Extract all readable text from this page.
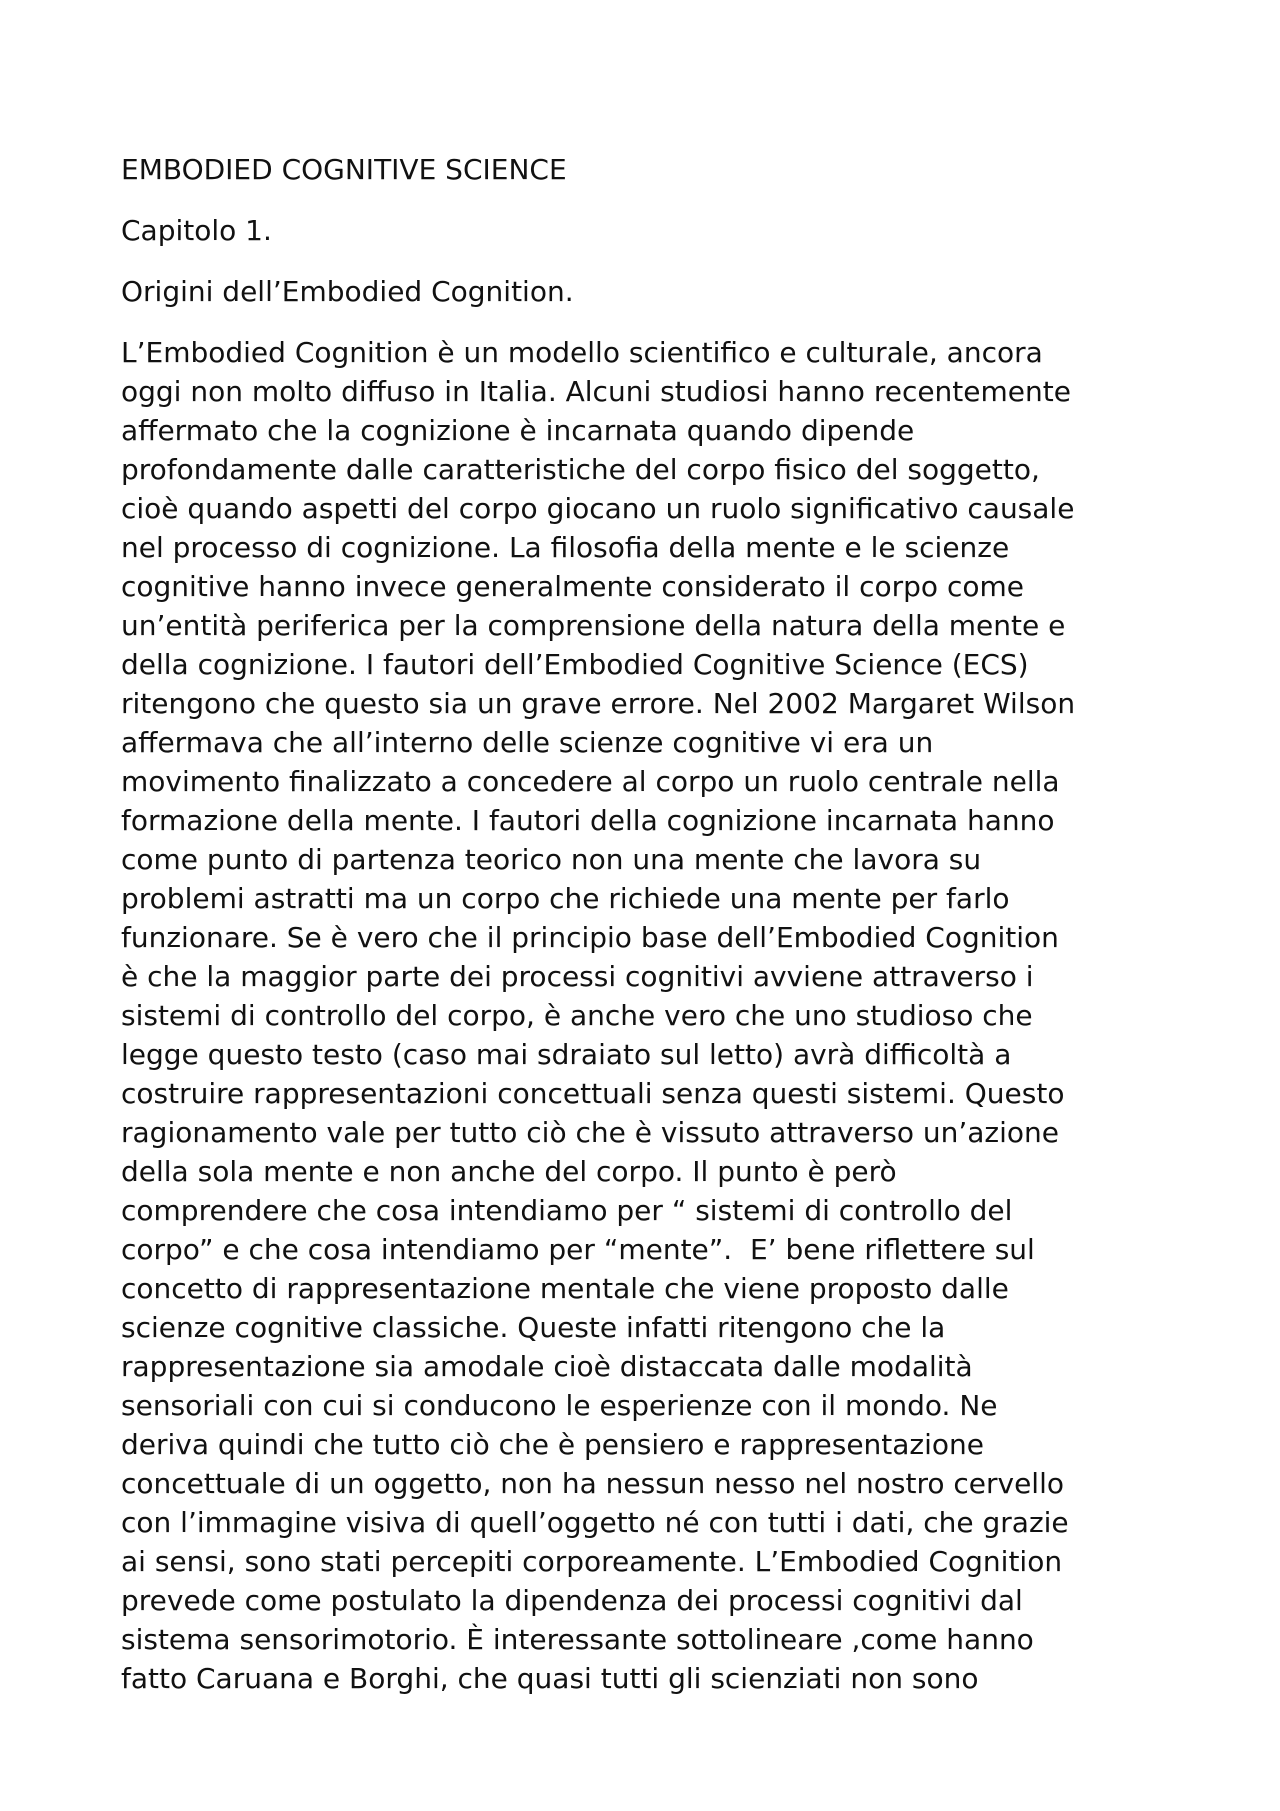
EMBODIED COGNITIVE SCIENCE
Capitolo 1.
Origini dell’Embodied Cognition.
L’Embodied Cognition è un modello scientifico e culturale, ancora
oggi non molto diffuso in Italia. Alcuni studiosi hanno recentemente
affermato che la cognizione è incarnata quando dipende
profondamente dalle caratteristiche del corpo fisico del soggetto,
cioè quando aspetti del corpo giocano un ruolo significativo causale
nel processo di cognizione. La filosofia della mente e le scienze
cognitive hanno invece generalmente considerato il corpo come
un’entità periferica per la comprensione della natura della mente e
della cognizione. I fautori dell’Embodied Cognitive Science (ECS)
ritengono che questo sia un grave errore. Nel 2002 Margaret Wilson
affermava che all’interno delle scienze cognitive vi era un
movimento finalizzato a concedere al corpo un ruolo centrale nella
formazione della mente. I fautori della cognizione incarnata hanno
come punto di partenza teorico non una mente che lavora su
problemi astratti ma un corpo che richiede una mente per farlo
funzionare. Se è vero che il principio base dell’Embodied Cognition
è che la maggior parte dei processi cognitivi avviene attraverso i
sistemi di controllo del corpo, è anche vero che uno studioso che
legge questo testo (caso mai sdraiato sul letto) avrà difficoltà a
costruire rappresentazioni concettuali senza questi sistemi. Questo
ragionamento vale per tutto ciò che è vissuto attraverso un’azione
della sola mente e non anche del corpo. Il punto è però
comprendere che cosa intendiamo per “ sistemi di controllo del
corpo” e che cosa intendiamo per “mente”.  E’ bene riflettere sul
concetto di rappresentazione mentale che viene proposto dalle
scienze cognitive classiche. Queste infatti ritengono che la
rappresentazione sia amodale cioè distaccata dalle modalità
sensoriali con cui si conducono le esperienze con il mondo. Ne
deriva quindi che tutto ciò che è pensiero e rappresentazione
concettuale di un oggetto, non ha nessun nesso nel nostro cervello
con l’immagine visiva di quell’oggetto né con tutti i dati, che grazie
ai sensi, sono stati percepiti corporeamente. L’Embodied Cognition
prevede come postulato la dipendenza dei processi cognitivi dal
sistema sensorimotorio. È interessante sottolineare ,come hanno
fatto Caruana e Borghi, che quasi tutti gli scienziati non sono
